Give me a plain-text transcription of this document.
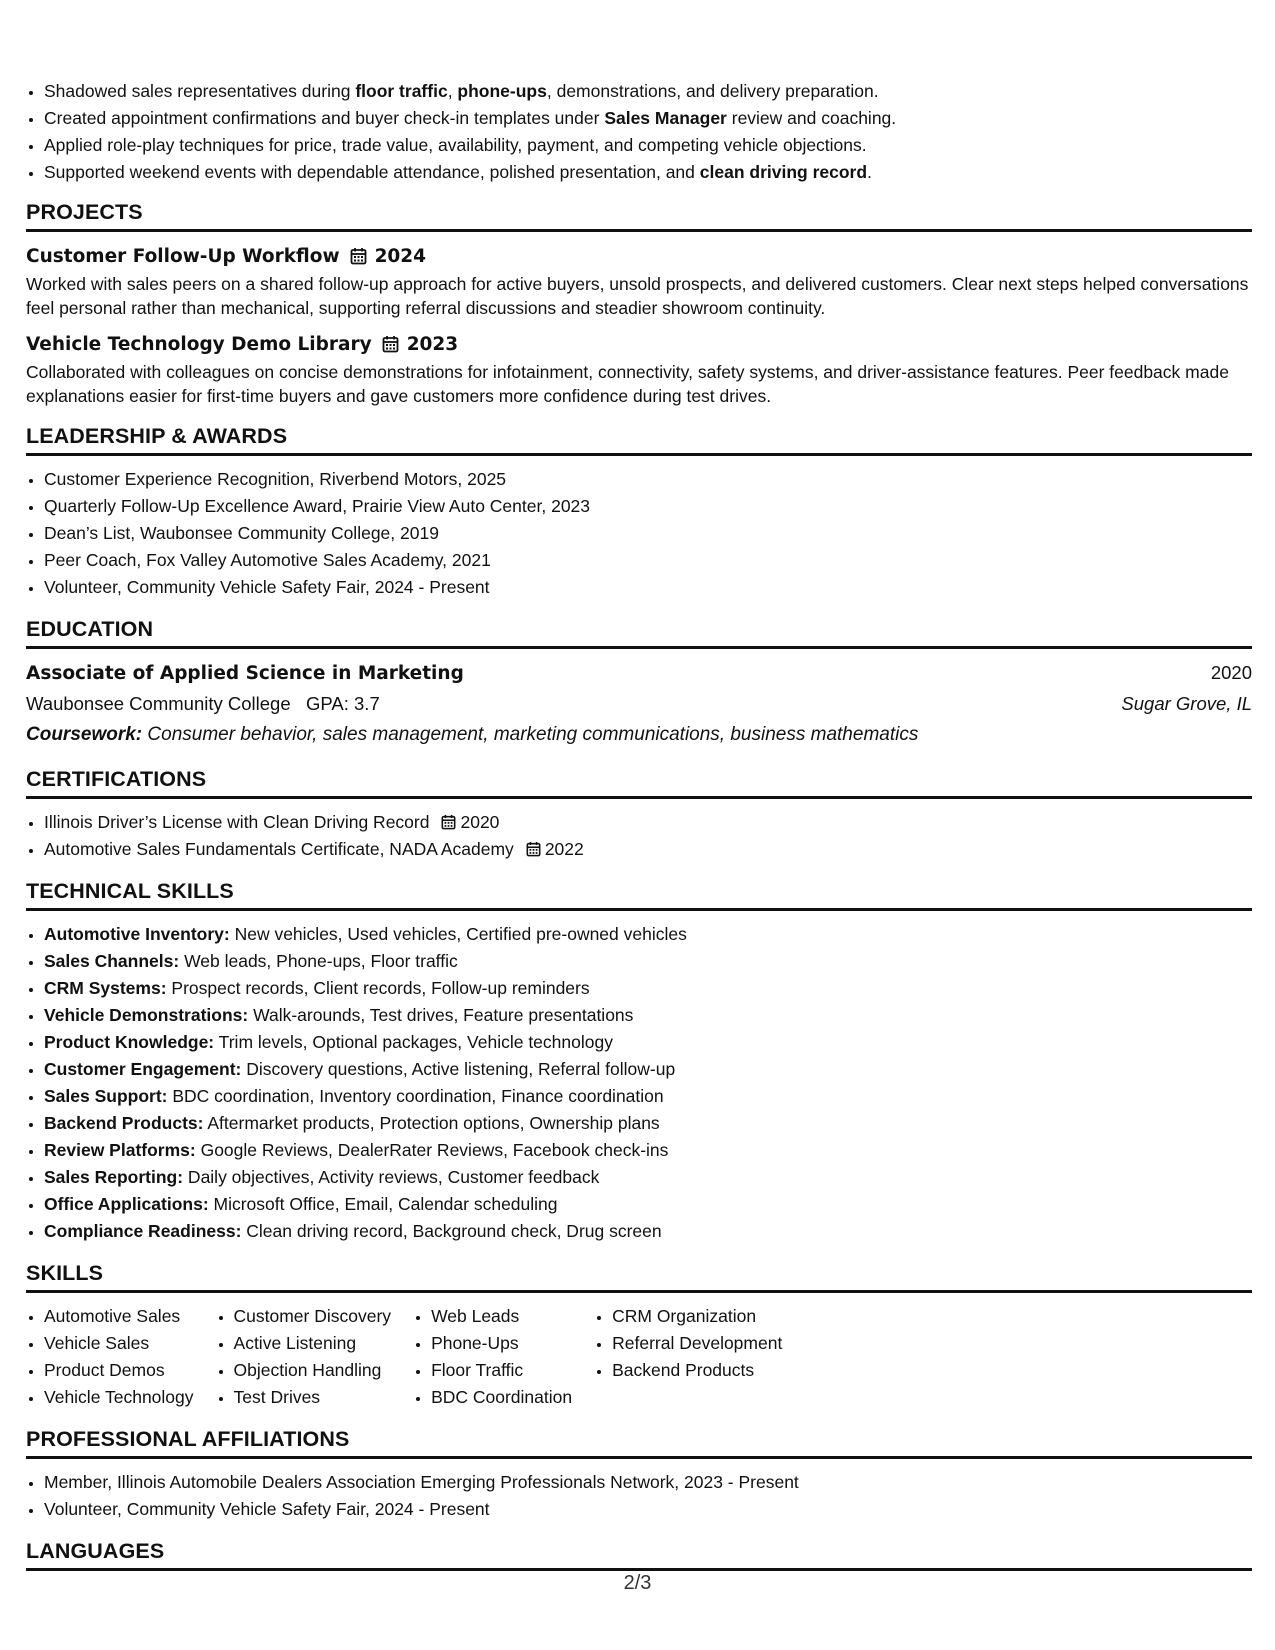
• Shadowed sales representatives during floor traffic, phone-ups, demonstrations, and delivery preparation.
• Created appointment confirmations and buyer check-in templates under Sales Manager review and coaching.
• Applied role-play techniques for price, trade value, availability, payment, and competing vehicle objections.
• Supported weekend events with dependable attendance, polished presentation, and clean driving record.
PROJECTS
Customer Follow-Up Workflow 2024
Worked with sales peers on a shared follow-up approach for active buyers, unsold prospects, and delivered customers. Clear next steps helped conversations feel personal rather than mechanical, supporting referral discussions and steadier showroom continuity.
Vehicle Technology Demo Library 2023
Collaborated with colleagues on concise demonstrations for infotainment, connectivity, safety systems, and driver-assistance features. Peer feedback made explanations easier for first-time buyers and gave customers more confidence during test drives.
LEADERSHIP & AWARDS
• Customer Experience Recognition, Riverbend Motors, 2025
• Quarterly Follow-Up Excellence Award, Prairie View Auto Center, 2023
• Dean’s List, Waubonsee Community College, 2019
• Peer Coach, Fox Valley Automotive Sales Academy, 2021
• Volunteer, Community Vehicle Safety Fair, 2024 - Present
EDUCATION
Associate of Applied Science in Marketing	2020
Waubonsee Community College GPA: 3.7	Sugar Grove, IL
Coursework: Consumer behavior, sales management, marketing communications, business mathematics
CERTIFICATIONS
• Illinois Driver’s License with Clean Driving Record 2020
• Automotive Sales Fundamentals Certificate, NADA Academy 2022
TECHNICAL SKILLS
• Automotive Inventory: New vehicles, Used vehicles, Certified pre-owned vehicles
• Sales Channels: Web leads, Phone-ups, Floor traffic
• CRM Systems: Prospect records, Client records, Follow-up reminders
• Vehicle Demonstrations: Walk-arounds, Test drives, Feature presentations
• Product Knowledge: Trim levels, Optional packages, Vehicle technology
• Customer Engagement: Discovery questions, Active listening, Referral follow-up
• Sales Support: BDC coordination, Inventory coordination, Finance coordination
• Backend Products: Aftermarket products, Protection options, Ownership plans
• Review Platforms: Google Reviews, DealerRater Reviews, Facebook check-ins
• Sales Reporting: Daily objectives, Activity reviews, Customer feedback
• Office Applications: Microsoft Office, Email, Calendar scheduling
• Compliance Readiness: Clean driving record, Background check, Drug screen
SKILLS
• Automotive Sales
• Vehicle Sales
• Product Demos
• Vehicle Technology
• Customer Discovery
• Active Listening
• Objection Handling
• Test Drives
• Web Leads
• Phone-Ups
• Floor Traffic
• BDC Coordination
• CRM Organization
• Referral Development
• Backend Products
PROFESSIONAL AFFILIATIONS
• Member, Illinois Automobile Dealers Association Emerging Professionals Network, 2023 - Present
• Volunteer, Community Vehicle Safety Fair, 2024 - Present
LANGUAGES
2/3
